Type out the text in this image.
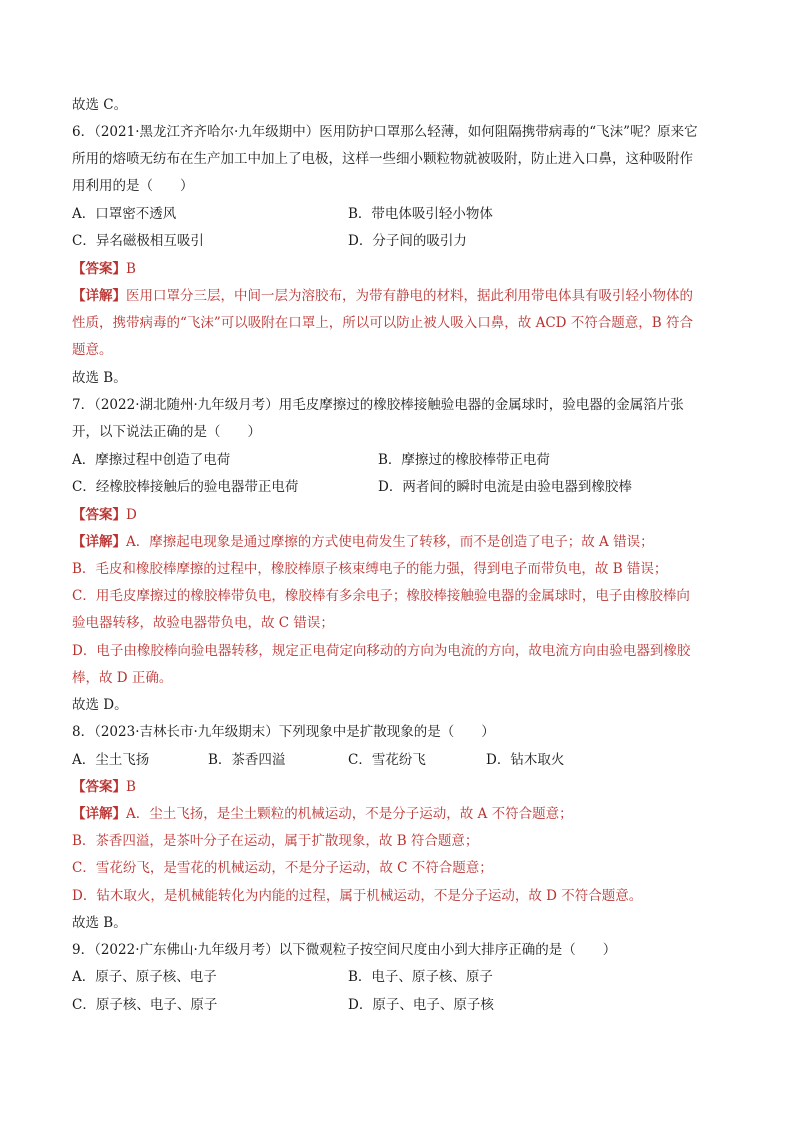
故选 C。
6．（2021·黑龙江齐齐哈尔·九年级期中）医用防护口罩那么轻薄，如何阻隔携带病毒的“飞沫”呢？原来它
所用的熔喷无纺布在生产加工中加上了电极，这样一些细小颗粒物就被吸附，防止进入口鼻，这种吸附作
用利用的是（　　）
A．口罩密不透风	B．带电体吸引轻小物体
C．异名磁极相互吸引	D．分子间的吸引力
【答案】B
【详解】医用口罩分三层，中间一层为溶胶布，为带有静电的材料，据此利用带电体具有吸引轻小物体的
性质，携带病毒的“飞沫”可以吸附在口罩上，所以可以防止被人吸入口鼻，故 ACD 不符合题意，B 符合
题意。
故选 B。
7．（2022·湖北随州·九年级月考）用毛皮摩擦过的橡胶棒接触验电器的金属球时，验电器的金属箔片张
开，以下说法正确的是（　　）
A．摩擦过程中创造了电荷	B．摩擦过的橡胶棒带正电荷
C．经橡胶棒接触后的验电器带正电荷	D．两者间的瞬时电流是由验电器到橡胶棒
【答案】D
【详解】A．摩擦起电现象是通过摩擦的方式使电荷发生了转移，而不是创造了电子；故 A 错误；
B．毛皮和橡胶棒摩擦的过程中，橡胶棒原子核束缚电子的能力强，得到电子而带负电，故 B 错误；
C．用毛皮摩擦过的橡胶棒带负电，橡胶棒有多余电子；橡胶棒接触验电器的金属球时，电子由橡胶棒向
验电器转移，故验电器带负电，故 C 错误；
D．电子由橡胶棒向验电器转移，规定正电荷定向移动的方向为电流的方向，故电流方向由验电器到橡胶
棒，故 D 正确。
故选 D。
8．（2023·吉林长市·九年级期末）下列现象中是扩散现象的是（　　）
A．尘土飞扬	B．茶香四溢	C．雪花纷飞	D．钻木取火
【答案】B
【详解】A．尘土飞扬，是尘土颗粒的机械运动，不是分子运动，故 A 不符合题意；
B．茶香四溢，是茶叶分子在运动，属于扩散现象，故 B 符合题意；
C．雪花纷飞，是雪花的机械运动，不是分子运动，故 C 不符合题意；
D．钻木取火，是机械能转化为内能的过程，属于机械运动，不是分子运动，故 D 不符合题意。
故选 B。
9．（2022·广东佛山·九年级月考）以下微观粒子按空间尺度由小到大排序正确的是（　　）
A．原子、原子核、电子	B．电子、原子核、原子
C．原子核、电子、原子	D．原子、电子、原子核
